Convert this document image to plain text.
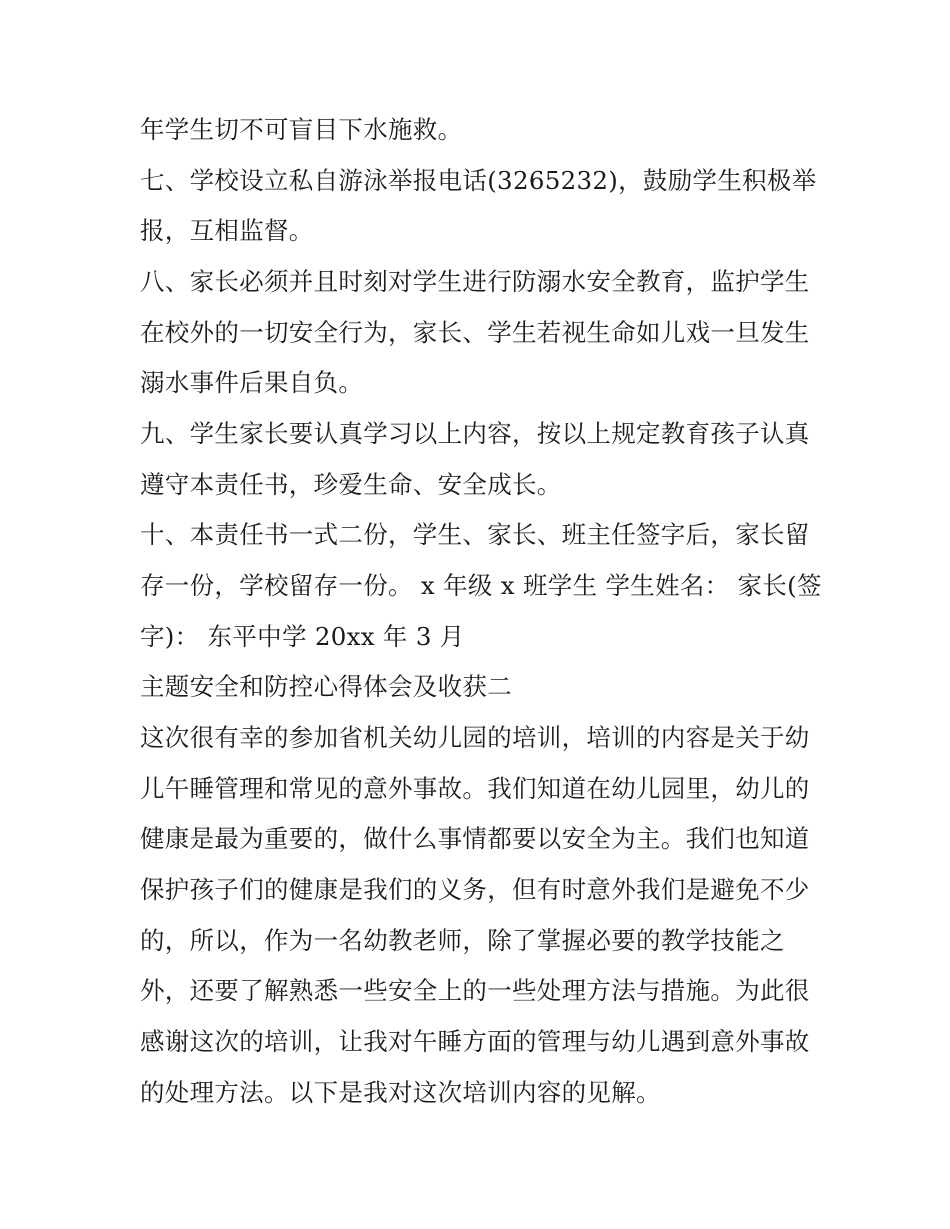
年学生切不可盲目下水施救。
七、学校设立私自游泳举报电话(3265232)，鼓励学生积极举
报，互相监督。
八、家长必须并且时刻对学生进行防溺水安全教育，监护学生
在校外的一切安全行为，家长、学生若视生命如儿戏一旦发生
溺水事件后果自负。
九、学生家长要认真学习以上内容，按以上规定教育孩子认真
遵守本责任书，珍爱生命、安全成长。
十、本责任书一式二份，学生、家长、班主任签字后，家长留
存一份，学校留存一份。 x 年级 x 班学生 学生姓名： 家长(签
字)： 东平中学 20xx 年 3 月
主题安全和防控心得体会及收获二
这次很有幸的参加省机关幼儿园的培训，培训的内容是关于幼
儿午睡管理和常见的意外事故。我们知道在幼儿园里，幼儿的
健康是最为重要的，做什么事情都要以安全为主。我们也知道
保护孩子们的健康是我们的义务，但有时意外我们是避免不少
的，所以，作为一名幼教老师，除了掌握必要的教学技能之
外，还要了解熟悉一些安全上的一些处理方法与措施。为此很
感谢这次的培训，让我对午睡方面的管理与幼儿遇到意外事故
的处理方法。以下是我对这次培训内容的见解。
